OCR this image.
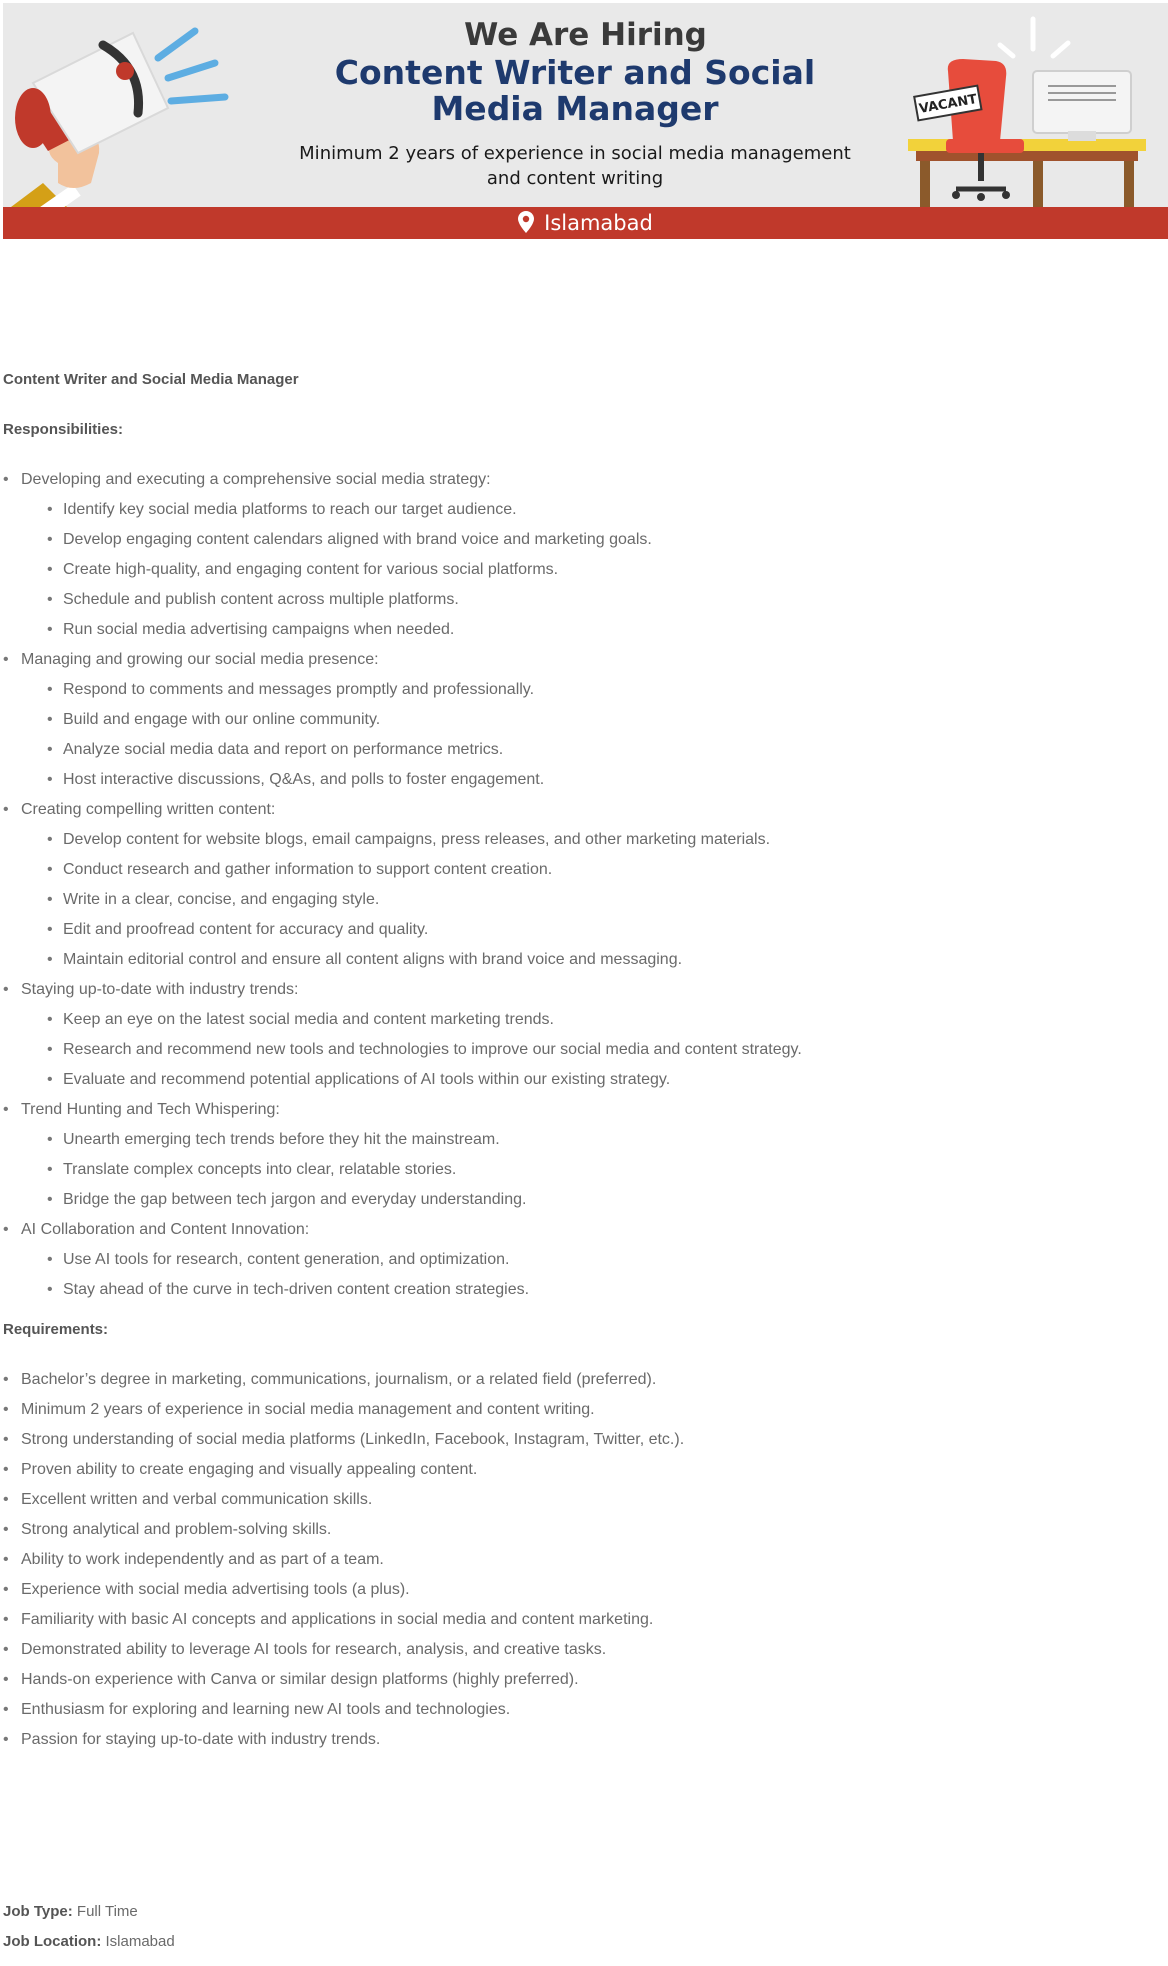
We Are Hiring
Content Writer and Social Media Manager
Minimum 2 years of experience in social media management and content writing
VACANT
Islamabad

Content Writer and Social Media Manager

Responsibilities:

• Developing and executing a comprehensive social media strategy:
• Identify key social media platforms to reach our target audience.
• Develop engaging content calendars aligned with brand voice and marketing goals.
• Create high-quality, and engaging content for various social platforms.
• Schedule and publish content across multiple platforms.
• Run social media advertising campaigns when needed.
• Managing and growing our social media presence:
• Respond to comments and messages promptly and professionally.
• Build and engage with our online community.
• Analyze social media data and report on performance metrics.
• Host interactive discussions, Q&As, and polls to foster engagement.
• Creating compelling written content:
• Develop content for website blogs, email campaigns, press releases, and other marketing materials.
• Conduct research and gather information to support content creation.
• Write in a clear, concise, and engaging style.
• Edit and proofread content for accuracy and quality.
• Maintain editorial control and ensure all content aligns with brand voice and messaging.
• Staying up-to-date with industry trends:
• Keep an eye on the latest social media and content marketing trends.
• Research and recommend new tools and technologies to improve our social media and content strategy.
• Evaluate and recommend potential applications of AI tools within our existing strategy.
• Trend Hunting and Tech Whispering:
• Unearth emerging tech trends before they hit the mainstream.
• Translate complex concepts into clear, relatable stories.
• Bridge the gap between tech jargon and everyday understanding.
• AI Collaboration and Content Innovation:
• Use AI tools for research, content generation, and optimization.
• Stay ahead of the curve in tech-driven content creation strategies.

Requirements:

• Bachelor’s degree in marketing, communications, journalism, or a related field (preferred).
• Minimum 2 years of experience in social media management and content writing.
• Strong understanding of social media platforms (LinkedIn, Facebook, Instagram, Twitter, etc.).
• Proven ability to create engaging and visually appealing content.
• Excellent written and verbal communication skills.
• Strong analytical and problem-solving skills.
• Ability to work independently and as part of a team.
• Experience with social media advertising tools (a plus).
• Familiarity with basic AI concepts and applications in social media and content marketing.
• Demonstrated ability to leverage AI tools for research, analysis, and creative tasks.
• Hands-on experience with Canva or similar design platforms (highly preferred).
• Enthusiasm for exploring and learning new AI tools and technologies.
• Passion for staying up-to-date with industry trends.
Job Type: Full Time
Job Location: Islamabad
